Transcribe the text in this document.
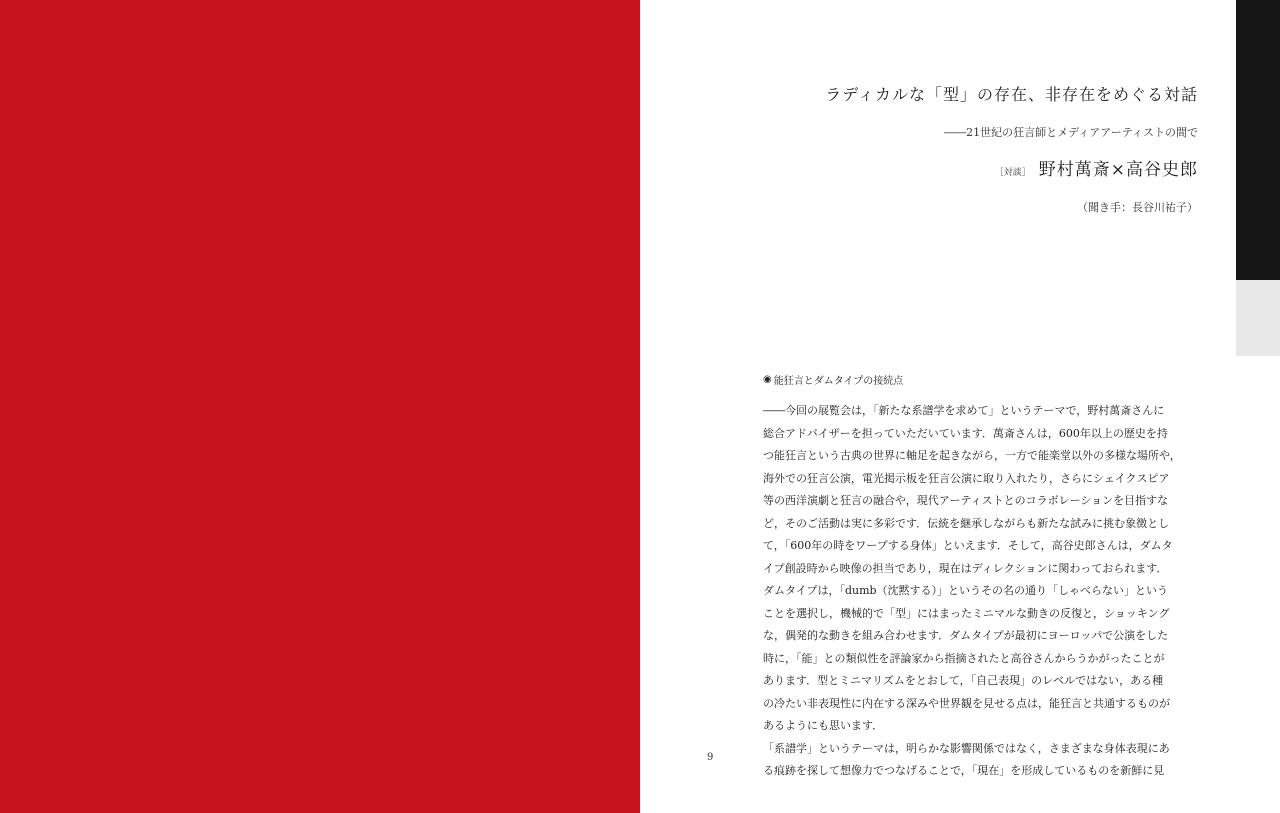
ラディカルな「型」の存在、非存在をめぐる対話
――21世紀の狂言師とメディアアーティストの間で
［対談］ 野村萬斎×高谷史郎
（聞き手：長谷川祐子）
◉ 能狂言とダムタイプの接続点
――今回の展覧会は，「新たな系譜学を求めて」というテーマで，野村萬斎さんに
総合アドバイザーを担っていただいています．萬斎さんは，600年以上の歴史を持
つ能狂言という古典の世界に軸足を起きながら，一方で能楽堂以外の多様な場所や，
海外での狂言公演，電光掲示板を狂言公演に取り入れたり，さらにシェイクスピア
等の西洋演劇と狂言の融合や，現代アーティストとのコラボレーションを目指すな
ど，そのご活動は実に多彩です．伝統を継承しながらも新たな試みに挑む象徴とし
て，「600年の時をワープする身体」といえます．そして，高谷史郎さんは，ダムタ
イプ創設時から映像の担当であり，現在はディレクションに関わっておられます．
ダムタイプは，「dumb（沈黙する）」というその名の通り「しゃべらない」という
ことを選択し，機械的で「型」にはまったミニマルな動きの反復と，ショッキング
な，偶発的な動きを組み合わせます．ダムタイプが最初にヨーロッパで公演をした
時に，「能」との類似性を評論家から指摘されたと高谷さんからうかがったことが
あります．型とミニマリズムをとおして，「自己表現」のレベルではない，ある種
の冷たい非表現性に内在する深みや世界観を見せる点は，能狂言と共通するものが
あるようにも思います．
「系譜学」というテーマは，明らかな影響関係ではなく，さまざまな身体表現にあ
る痕跡を探して想像力でつなげることで，「現在」を形成しているものを新鮮に見
9
